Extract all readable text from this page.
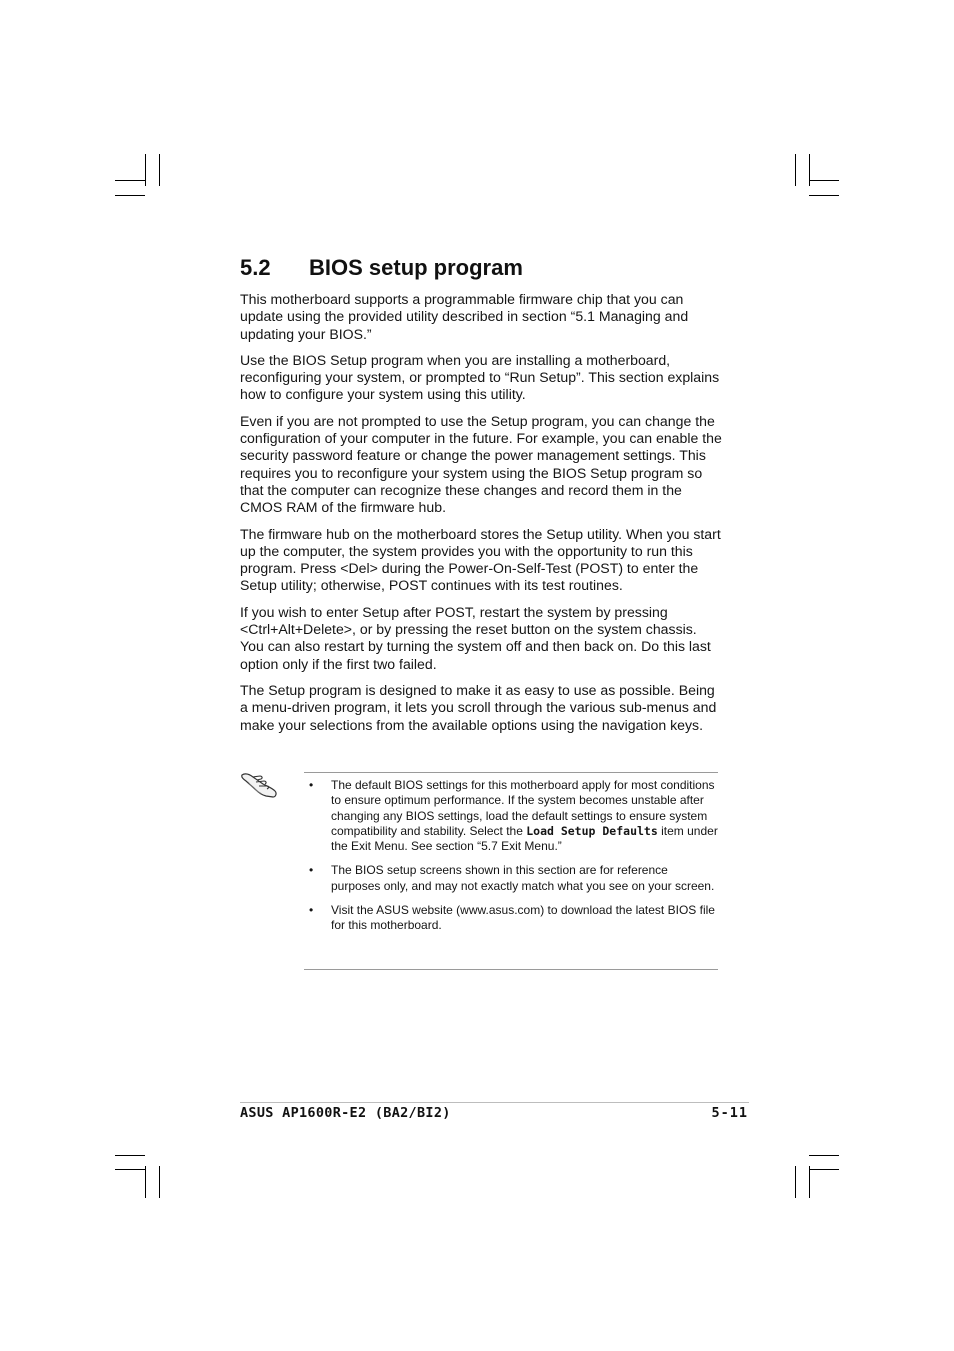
5.2 BIOS setup program

This motherboard supports a programmable firmware chip that you can update using the provided utility described in section “5.1 Managing and updating your BIOS.”

Use the BIOS Setup program when you are installing a motherboard, reconfiguring your system, or prompted to “Run Setup”. This section explains how to configure your system using this utility.

Even if you are not prompted to use the Setup program, you can change the configuration of your computer in the future. For example, you can enable the security password feature or change the power management settings. This requires you to reconfigure your system using the BIOS Setup program so that the computer can recognize these changes and record them in the CMOS RAM of the firmware hub.

The firmware hub on the motherboard stores the Setup utility. When you start up the computer, the system provides you with the opportunity to run this program. Press <Del> during the Power-On-Self-Test (POST) to enter the Setup utility; otherwise, POST continues with its test routines.

If you wish to enter Setup after POST, restart the system by pressing <Ctrl+Alt+Delete>, or by pressing the reset button on the system chassis. You can also restart by turning the system off and then back on. Do this last option only if the first two failed.

The Setup program is designed to make it as easy to use as possible. Being a menu-driven program, it lets you scroll through the various sub-menus and make your selections from the available options using the navigation keys.

• The default BIOS settings for this motherboard apply for most conditions to ensure optimum performance. If the system becomes unstable after changing any BIOS settings, load the default settings to ensure system compatibility and stability. Select the Load Setup Defaults item under the Exit Menu. See section “5.7 Exit Menu.”
• The BIOS setup screens shown in this section are for reference purposes only, and may not exactly match what you see on your screen.
• Visit the ASUS website (www.asus.com) to download the latest BIOS file for this motherboard.
ASUS AP1600R-E2 (BA2/BI2)	5-11
